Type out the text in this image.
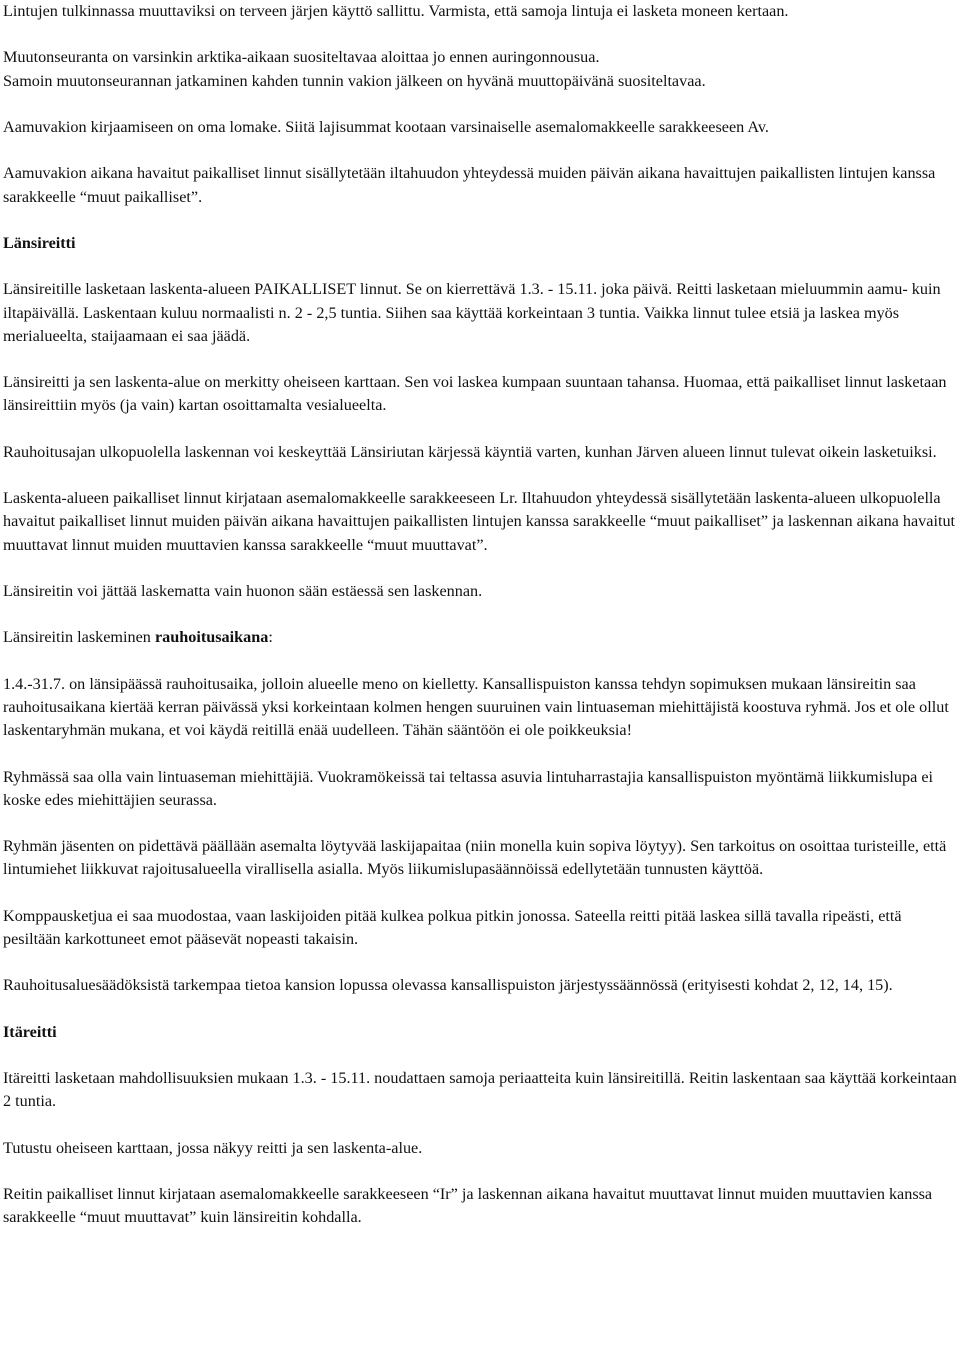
Lintujen tulkinnassa muuttaviksi on terveen järjen käyttö sallittu. Varmista, että samoja lintuja ei lasketa moneen kertaan.

Muutonseuranta on varsinkin arktika-aikaan suositeltavaa aloittaa jo ennen auringonnousua.

Samoin muutonseurannan jatkaminen kahden tunnin vakion jälkeen on hyvänä muuttopäivänä suositeltavaa.

Aamuvakion kirjaamiseen on oma lomake. Siitä lajisummat kootaan varsinaiselle asemalomakkeelle sarakkeeseen Av.

Aamuvakion aikana havaitut paikalliset linnut sisällytetään iltahuudon yhteydessä muiden päivän aikana havaittujen paikallisten lintujen kanssa sarakkeelle “muut paikalliset”.

Länsireitti

Länsireitille lasketaan laskenta-alueen PAIKALLISET linnut. Se on kierrettävä 1.3. - 15.11. joka päivä. Reitti lasketaan mieluummin aamu- kuin iltapäivällä. Laskentaan kuluu normaalisti n. 2 - 2,5 tuntia. Siihen saa käyttää korkeintaan 3 tuntia. Vaikka linnut tulee etsiä ja laskea myös merialueelta, staijaamaan ei saa jäädä.

Länsireitti ja sen laskenta-alue on merkitty oheiseen karttaan. Sen voi laskea kumpaan suuntaan tahansa. Huomaa, että paikalliset linnut lasketaan länsireittiin myös (ja vain) kartan osoittamalta vesialueelta.

Rauhoitusajan ulkopuolella laskennan voi keskeyttää Länsiriutan kärjessä käyntiä varten, kunhan Järven alueen linnut tulevat oikein lasketuiksi.

Laskenta-alueen paikalliset linnut kirjataan asemalomakkeelle sarakkeeseen Lr. Iltahuudon yhteydessä sisällytetään laskenta-alueen ulkopuolella havaitut paikalliset linnut muiden päivän aikana havaittujen paikallisten lintujen kanssa sarakkeelle “muut paikalliset” ja laskennan aikana havaitut muuttavat linnut muiden muuttavien kanssa sarakkeelle “muut muuttavat”.

Länsireitin voi jättää laskematta vain huonon sään estäessä sen laskennan.

Länsireitin laskeminen rauhoitusaikana:

1.4.-31.7. on länsipäässä rauhoitusaika, jolloin alueelle meno on kielletty. Kansallispuiston kanssa tehdyn sopimuksen mukaan länsireitin saa rauhoitusaikana kiertää kerran päivässä yksi korkeintaan kolmen hengen suuruinen vain lintuaseman miehittäjistä koostuva ryhmä. Jos et ole ollut laskentaryhmän mukana, et voi käydä reitillä enää uudelleen. Tähän sääntöön ei ole poikkeuksia!

Ryhmässä saa olla vain lintuaseman miehittäjiä. Vuokramökeissä tai teltassa asuvia lintuharrastajia kansallispuiston myöntämä liikkumislupa ei koske edes miehittäjien seurassa.

Ryhmän jäsenten on pidettävä päällään asemalta löytyvää laskijapaitaa (niin monella kuin sopiva löytyy). Sen tarkoitus on osoittaa turisteille, että lintumiehet liikkuvat rajoitusalueella virallisella asialla. Myös liikumislupasäännöissä edellytetään tunnusten käyttöä.

Komppausketjua ei saa muodostaa, vaan laskijoiden pitää kulkea polkua pitkin jonossa. Sateella reitti pitää laskea sillä tavalla ripeästi, että pesiltään karkottuneet emot pääsevät nopeasti takaisin.

Rauhoitusaluesäädöksistä tarkempaa tietoa kansion lopussa olevassa kansallispuiston järjestyssäännössä (erityisesti kohdat 2, 12, 14, 15).

Itäreitti

Itäreitti lasketaan mahdollisuuksien mukaan 1.3. - 15.11. noudattaen samoja periaatteita kuin länsireitillä. Reitin laskentaan saa käyttää korkeintaan 2 tuntia.

Tutustu oheiseen karttaan, jossa näkyy reitti ja sen laskenta-alue.

Reitin paikalliset linnut kirjataan asemalomakkeelle sarakkeeseen “Ir” ja laskennan aikana havaitut muuttavat linnut muiden muuttavien kanssa sarakkeelle “muut muuttavat” kuin länsireitin kohdalla.
